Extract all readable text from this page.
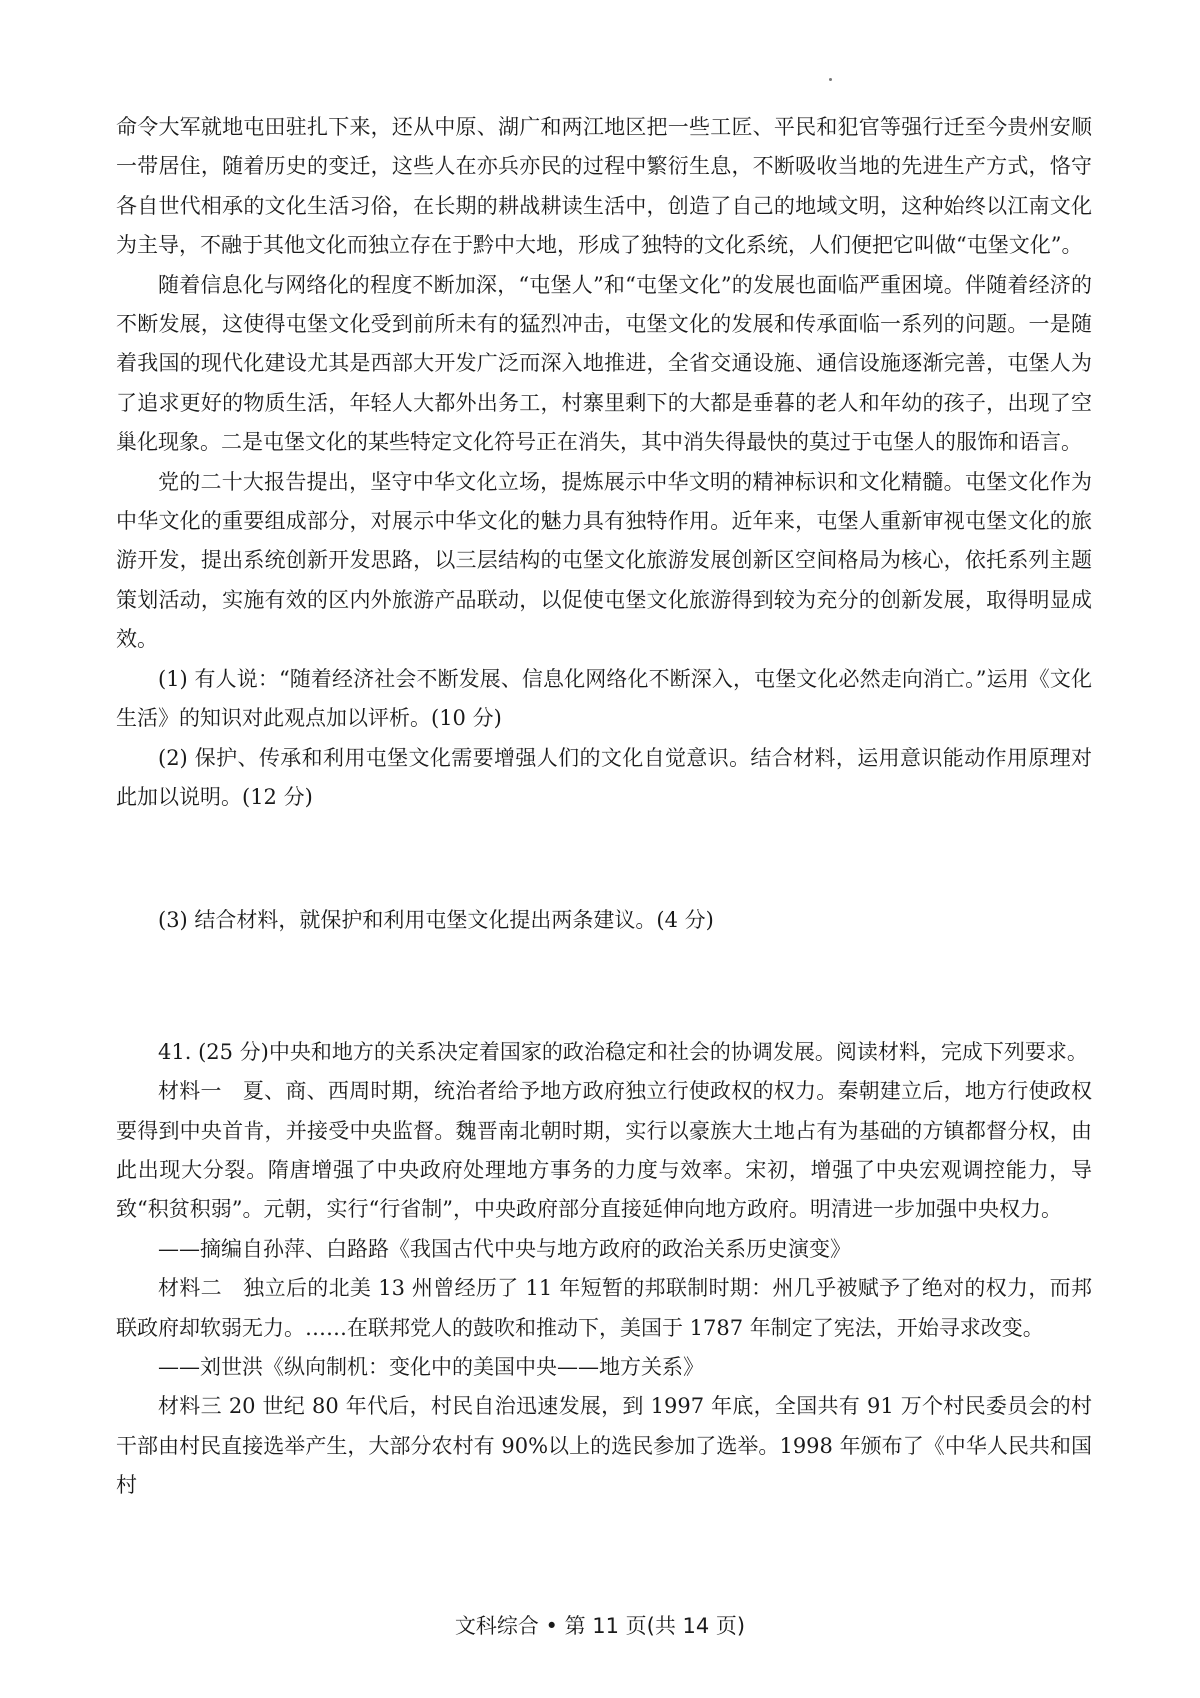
命令大军就地屯田驻扎下来，还从中原、湖广和两江地区把一些工匠、平民和犯官等强行迁至今贵州安顺一带居住，随着历史的变迁，这些人在亦兵亦民的过程中繁衍生息，不断吸收当地的先进生产方式，恪守各自世代相承的文化生活习俗，在长期的耕战耕读生活中，创造了自己的地域文明，这种始终以江南文化为主导，不融于其他文化而独立存在于黔中大地，形成了独特的文化系统，人们便把它叫做“屯堡文化”。

随着信息化与网络化的程度不断加深，“屯堡人”和“屯堡文化”的发展也面临严重困境。伴随着经济的不断发展，这使得屯堡文化受到前所未有的猛烈冲击，屯堡文化的发展和传承面临一系列的问题。一是随着我国的现代化建设尤其是西部大开发广泛而深入地推进，全省交通设施、通信设施逐渐完善，屯堡人为了追求更好的物质生活，年轻人大都外出务工，村寨里剩下的大都是垂暮的老人和年幼的孩子，出现了空巢化现象。二是屯堡文化的某些特定文化符号正在消失，其中消失得最快的莫过于屯堡人的服饰和语言。

党的二十大报告提出，坚守中华文化立场，提炼展示中华文明的精神标识和文化精髓。屯堡文化作为中华文化的重要组成部分，对展示中华文化的魅力具有独特作用。近年来，屯堡人重新审视屯堡文化的旅游开发，提出系统创新开发思路，以三层结构的屯堡文化旅游发展创新区空间格局为核心，依托系列主题策划活动，实施有效的区内外旅游产品联动，以促使屯堡文化旅游得到较为充分的创新发展，取得明显成效。

(1) 有人说：“随着经济社会不断发展、信息化网络化不断深入，屯堡文化必然走向消亡。”运用《文化生活》的知识对此观点加以评析。(10 分)

(2) 保护、传承和利用屯堡文化需要增强人们的文化自觉意识。结合材料，运用意识能动作用原理对此加以说明。(12 分)

(3) 结合材料，就保护和利用屯堡文化提出两条建议。(4 分)

41. (25 分)中央和地方的关系决定着国家的政治稳定和社会的协调发展。阅读材料，完成下列要求。

材料一　夏、商、西周时期，统治者给予地方政府独立行使政权的权力。秦朝建立后，地方行使政权要得到中央首肯，并接受中央监督。魏晋南北朝时期，实行以豪族大土地占有为基础的方镇都督分权，由此出现大分裂。隋唐增强了中央政府处理地方事务的力度与效率。宋初，增强了中央宏观调控能力，导致“积贫积弱”。元朝，实行“行省制”，中央政府部分直接延伸向地方政府。明清进一步加强中央权力。

——摘编自孙萍、白路路《我国古代中央与地方政府的政治关系历史演变》

材料二　独立后的北美 13 州曾经历了 11 年短暂的邦联制时期：州几乎被赋予了绝对的权力，而邦联政府却软弱无力。……在联邦党人的鼓吹和推动下，美国于 1787 年制定了宪法，开始寻求改变。

——刘世洪《纵向制机：变化中的美国中央——地方关系》

材料三 20 世纪 80 年代后，村民自治迅速发展，到 1997 年底，全国共有 91 万个村民委员会的村干部由村民直接选举产生，大部分农村有 90%以上的选民参加了选举。1998 年颁布了《中华人民共和国村

文科综合 • 第 11 页(共 14 页)
